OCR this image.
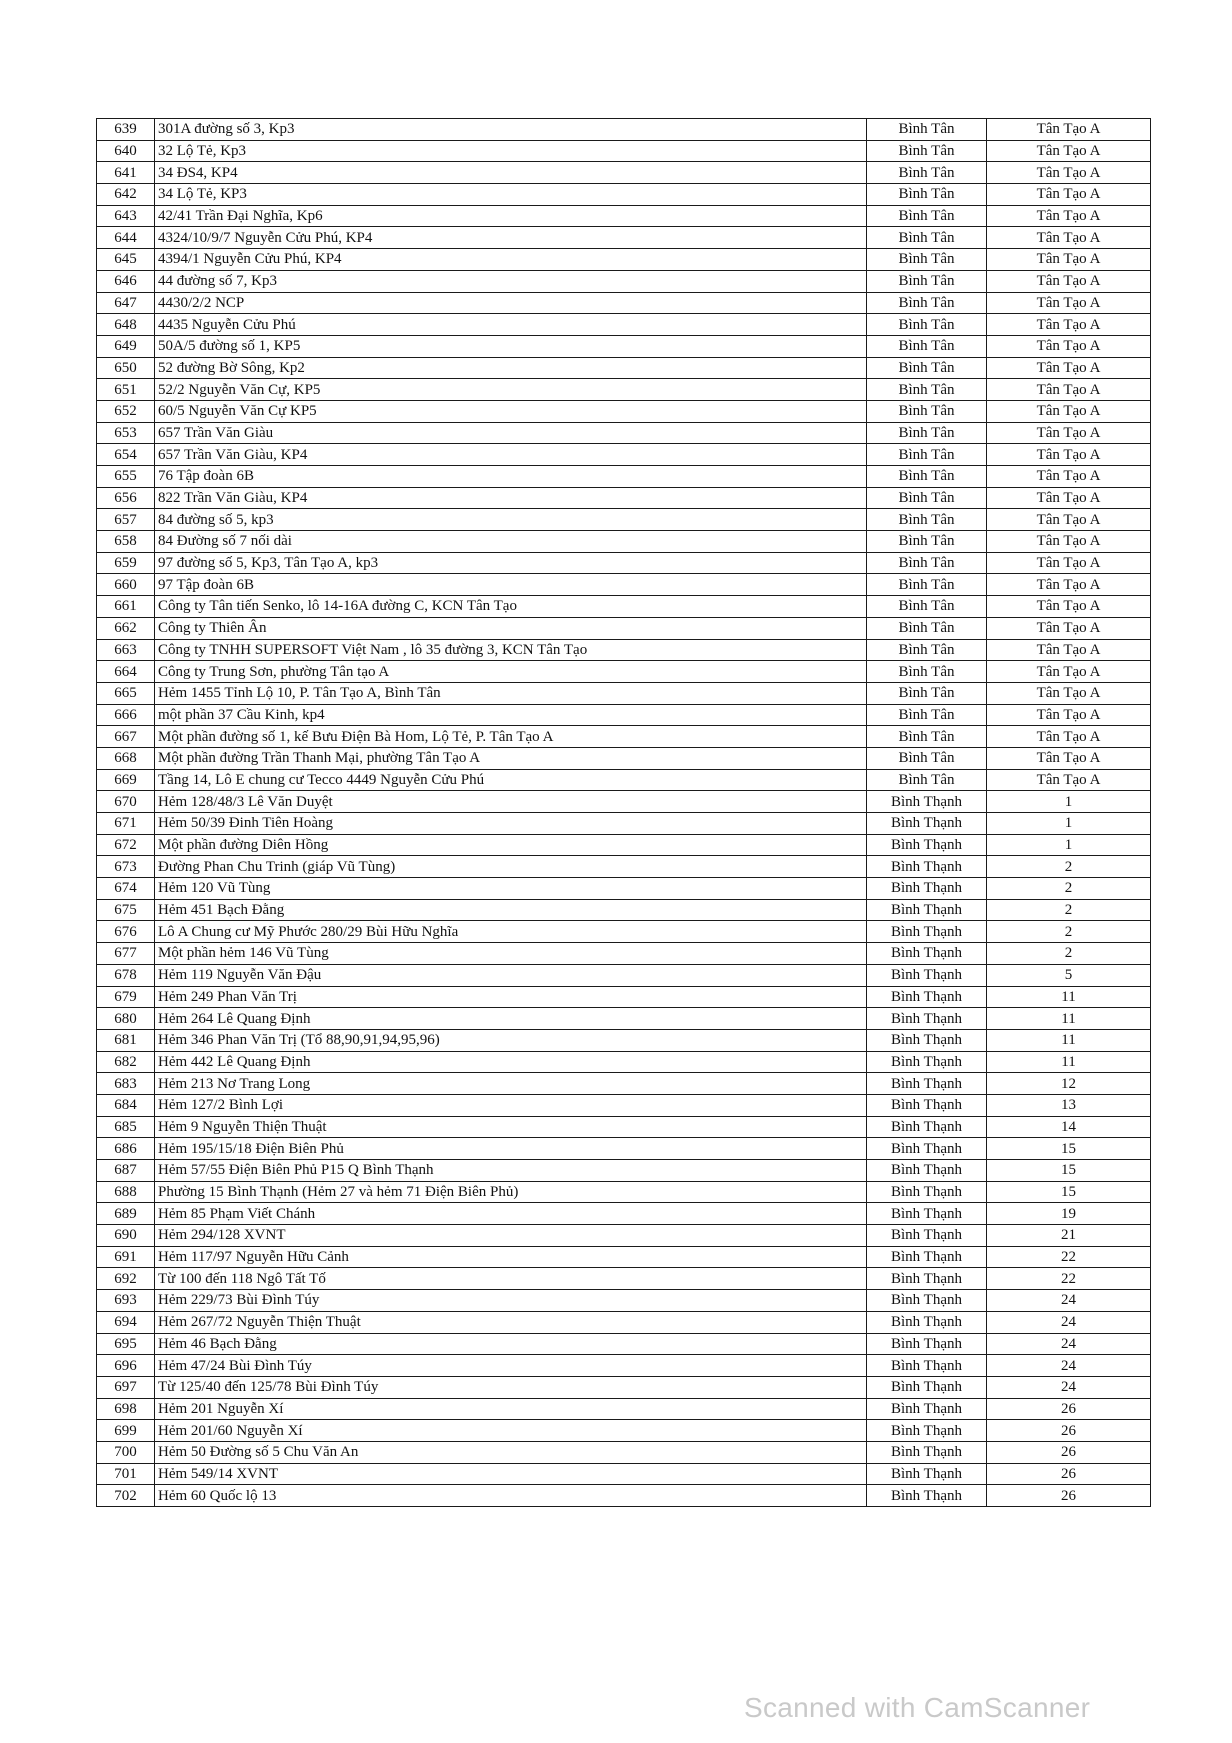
639	301A đường số 3, Kp3	Bình Tân	Tân Tạo A
640	32 Lộ Tẻ, Kp3	Bình Tân	Tân Tạo A
641	34 ĐS4, KP4	Bình Tân	Tân Tạo A
642	34 Lộ Tẻ, KP3	Bình Tân	Tân Tạo A
643	42/41 Trần Đại Nghĩa, Kp6	Bình Tân	Tân Tạo A
644	4324/10/9/7 Nguyễn Cửu Phú, KP4	Bình Tân	Tân Tạo A
645	4394/1 Nguyễn Cửu Phú, KP4	Bình Tân	Tân Tạo A
646	44 đường số 7, Kp3	Bình Tân	Tân Tạo A
647	4430/2/2 NCP	Bình Tân	Tân Tạo A
648	4435 Nguyễn Cửu Phú	Bình Tân	Tân Tạo A
649	50A/5 đường số 1, KP5	Bình Tân	Tân Tạo A
650	52 đường Bờ Sông, Kp2	Bình Tân	Tân Tạo A
651	52/2 Nguyễn Văn Cự, KP5	Bình Tân	Tân Tạo A
652	60/5 Nguyễn Văn Cự KP5	Bình Tân	Tân Tạo A
653	657 Trần Văn Giàu	Bình Tân	Tân Tạo A
654	657 Trần Văn Giàu, KP4	Bình Tân	Tân Tạo A
655	76 Tập đoàn 6B	Bình Tân	Tân Tạo A
656	822 Trần Văn Giàu, KP4	Bình Tân	Tân Tạo A
657	84 đường số 5, kp3	Bình Tân	Tân Tạo A
658	84 Đường số 7 nối dài	Bình Tân	Tân Tạo A
659	97 đường số 5, Kp3, Tân Tạo A, kp3	Bình Tân	Tân Tạo A
660	97 Tập đoàn 6B	Bình Tân	Tân Tạo A
661	Công ty Tân tiến Senko, lô 14-16A đường C, KCN Tân Tạo	Bình Tân	Tân Tạo A
662	Công ty Thiên Ân	Bình Tân	Tân Tạo A
663	Công ty TNHH SUPERSOFT Việt Nam , lô 35 đường 3, KCN Tân Tạo	Bình Tân	Tân Tạo A
664	Công ty Trung Sơn, phường Tân tạo A	Bình Tân	Tân Tạo A
665	Hẻm 1455 Tỉnh Lộ 10, P. Tân Tạo A, Bình Tân	Bình Tân	Tân Tạo A
666	một phần 37 Cầu Kinh, kp4	Bình Tân	Tân Tạo A
667	Một phần đường số 1, kế Bưu Điện Bà Hom, Lộ Tẻ, P. Tân Tạo A	Bình Tân	Tân Tạo A
668	Một phần đường Trần Thanh Mại, phường Tân Tạo A	Bình Tân	Tân Tạo A
669	Tầng 14, Lô E chung cư Tecco 4449 Nguyễn Cửu Phú	Bình Tân	Tân Tạo A
670	Hẻm 128/48/3 Lê Văn Duyệt	Bình Thạnh	1
671	Hẻm 50/39 Đinh Tiên Hoàng	Bình Thạnh	1
672	Một phần đường Diên Hồng	Bình Thạnh	1
673	Đường Phan Chu Trinh (giáp Vũ Tùng)	Bình Thạnh	2
674	Hẻm 120 Vũ Tùng	Bình Thạnh	2
675	Hẻm 451 Bạch Đằng	Bình Thạnh	2
676	Lô A Chung cư Mỹ Phước 280/29 Bùi Hữu Nghĩa	Bình Thạnh	2
677	Một phần hẻm 146 Vũ Tùng	Bình Thạnh	2
678	Hẻm 119 Nguyễn Văn Đậu	Bình Thạnh	5
679	Hẻm 249 Phan Văn Trị	Bình Thạnh	11
680	Hẻm 264 Lê Quang Định	Bình Thạnh	11
681	Hẻm 346 Phan Văn Trị (Tổ 88,90,91,94,95,96)	Bình Thạnh	11
682	Hẻm 442 Lê Quang Định	Bình Thạnh	11
683	Hẻm 213 Nơ Trang Long	Bình Thạnh	12
684	Hẻm 127/2 Bình Lợi	Bình Thạnh	13
685	Hẻm 9 Nguyễn Thiện Thuật	Bình Thạnh	14
686	Hẻm 195/15/18 Điện Biên Phủ	Bình Thạnh	15
687	Hẻm 57/55 Điện Biên Phủ P15 Q Bình Thạnh	Bình Thạnh	15
688	Phường 15 Bình Thạnh (Hẻm 27 và hẻm 71 Điện Biên Phủ)	Bình Thạnh	15
689	Hẻm 85 Phạm Viết Chánh	Bình Thạnh	19
690	Hẻm 294/128 XVNT	Bình Thạnh	21
691	Hẻm 117/97 Nguyễn Hữu Cảnh	Bình Thạnh	22
692	Từ 100 đến 118 Ngô Tất Tố	Bình Thạnh	22
693	Hẻm 229/73 Bùi Đình Túy	Bình Thạnh	24
694	Hẻm 267/72 Nguyễn Thiện Thuật	Bình Thạnh	24
695	Hẻm 46 Bạch Đằng	Bình Thạnh	24
696	Hẻm 47/24 Bùi Đình Túy	Bình Thạnh	24
697	Từ 125/40 đến 125/78 Bùi Đình Túy	Bình Thạnh	24
698	Hẻm 201 Nguyễn Xí	Bình Thạnh	26
699	Hẻm 201/60 Nguyễn Xí	Bình Thạnh	26
700	Hẻm 50 Đường số 5 Chu Văn An	Bình Thạnh	26
701	Hẻm 549/14 XVNT	Bình Thạnh	26
702	Hẻm 60 Quốc lộ 13	Bình Thạnh	26
Scanned with CamScanner
